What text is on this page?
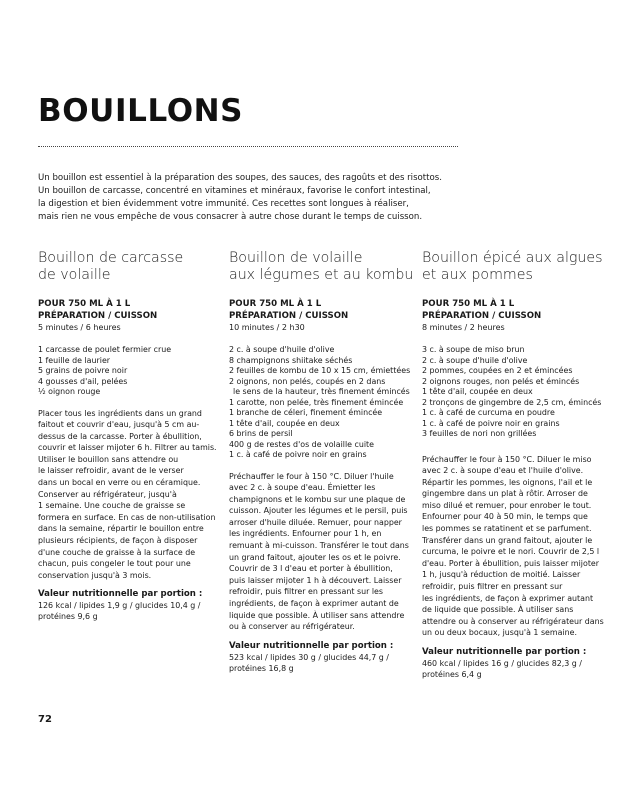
BOUILLONS

Un bouillon est essentiel à la préparation des soupes, des sauces, des ragoûts et des risottos.
Un bouillon de carcasse, concentré en vitamines et minéraux, favorise le confort intestinal,
la digestion et bien évidemment votre immunité. Ces recettes sont longues à réaliser,
mais rien ne vous empêche de vous consacrer à autre chose durant le temps de cuisson.

Bouillon de carcasse
de volaille

POUR 750 ML À 1 L

PRÉPARATION / CUISSON

5 minutes / 6 heures

1 carcasse de poulet fermier crue
1 feuille de laurier
5 grains de poivre noir
4 gousses d'ail, pelées
½ oignon rouge

Placer tous les ingrédients dans un grand
faitout et couvrir d'eau, jusqu'à 5 cm au-
dessus de la carcasse. Porter à ébullition,
couvrir et laisser mijoter 6 h. Filtrer au tamis.
Utiliser le bouillon sans attendre ou
le laisser refroidir, avant de le verser
dans un bocal en verre ou en céramique.
Conserver au réfrigérateur, jusqu'à
1 semaine. Une couche de graisse se
formera en surface. En cas de non-utilisation
dans la semaine, répartir le bouillon entre
plusieurs récipients, de façon à disposer
d'une couche de graisse à la surface de
chacun, puis congeler le tout pour une
conservation jusqu'à 3 mois.

Valeur nutritionnelle par portion :

126 kcal / lipides 1,9 g / glucides 10,4 g /
protéines 9,6 g

Bouillon de volaille
aux légumes et au kombu

POUR 750 ML À 1 L

PRÉPARATION / CUISSON

10 minutes / 2 h30

2 c. à soupe d'huile d'olive
8 champignons shiitake séchés
2 feuilles de kombu de 10 x 15 cm, émiettées
2 oignons, non pelés, coupés en 2 dans
le sens de la hauteur, très finement émincés
1 carotte, non pelée, très finement émincée
1 branche de céleri, finement émincée
1 tête d'ail, coupée en deux
6 brins de persil
400 g de restes d'os de volaille cuite
1 c. à café de poivre noir en grains

Préchauffer le four à 150 °C. Diluer l'huile
avec 2 c. à soupe d'eau. Émietter les
champignons et le kombu sur une plaque de
cuisson. Ajouter les légumes et le persil, puis
arroser d'huile diluée. Remuer, pour napper
les ingrédients. Enfourner pour 1 h, en
remuant à mi-cuisson. Transférer le tout dans
un grand faitout, ajouter les os et le poivre.
Couvrir de 3 l d'eau et porter à ébullition,
puis laisser mijoter 1 h à découvert. Laisser
refroidir, puis filtrer en pressant sur les
ingrédients, de façon à exprimer autant de
liquide que possible. À utiliser sans attendre
ou à conserver au réfrigérateur.

Valeur nutritionnelle par portion :

523 kcal / lipides 30 g / glucides 44,7 g /
protéines 16,8 g

Bouillon épicé aux algues
et aux pommes

POUR 750 ML À 1 L

PRÉPARATION / CUISSON

8 minutes / 2 heures

3 c. à soupe de miso brun
2 c. à soupe d'huile d'olive
2 pommes, coupées en 2 et émincées
2 oignons rouges, non pelés et émincés
1 tête d'ail, coupée en deux
2 tronçons de gingembre de 2,5 cm, émincés
1 c. à café de curcuma en poudre
1 c. à café de poivre noir en grains
3 feuilles de nori non grillées

Préchauffer le four à 150 °C. Diluer le miso
avec 2 c. à soupe d'eau et l'huile d'olive.
Répartir les pommes, les oignons, l'ail et le
gingembre dans un plat à rôtir. Arroser de
miso dilué et remuer, pour enrober le tout.
Enfourner pour 40 à 50 min, le temps que
les pommes se ratatinent et se parfument.
Transférer dans un grand faitout, ajouter le
curcuma, le poivre et le nori. Couvrir de 2,5 l
d'eau. Porter à ébullition, puis laisser mijoter
1 h, jusqu'à réduction de moitié. Laisser
refroidir, puis filtrer en pressant sur
les ingrédients, de façon à exprimer autant
de liquide que possible. À utiliser sans
attendre ou à conserver au réfrigérateur dans
un ou deux bocaux, jusqu'à 1 semaine.

Valeur nutritionnelle par portion :

460 kcal / lipides 16 g / glucides 82,3 g /
protéines 6,4 g

72
